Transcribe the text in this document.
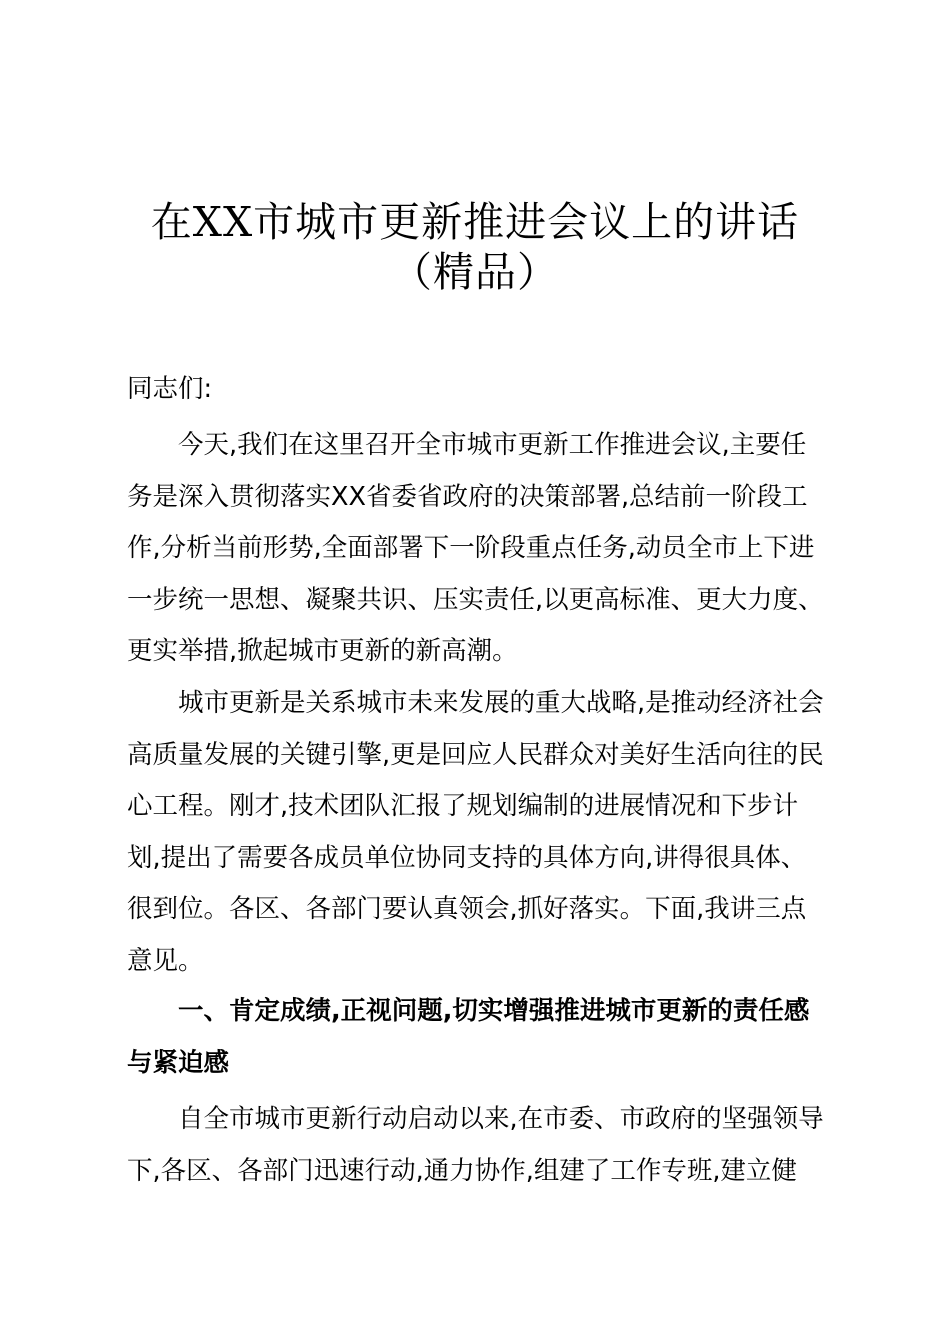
在XX市城市更新推进会议上的讲话
（精品）

同志们:

今天,我们在这里召开全市城市更新工作推进会议,主要任务是深入贯彻落实XX省委省政府的决策部署,总结前一阶段工作,分析当前形势,全面部署下一阶段重点任务,动员全市上下进一步统一思想、凝聚共识、压实责任,以更高标准、更大力度、更实举措,掀起城市更新的新高潮。

城市更新是关系城市未来发展的重大战略,是推动经济社会高质量发展的关键引擎,更是回应人民群众对美好生活向往的民心工程。刚才,技术团队汇报了规划编制的进展情况和下步计划,提出了需要各成员单位协同支持的具体方向,讲得很具体、很到位。各区、各部门要认真领会,抓好落实。下面,我讲三点意见。

一、肯定成绩,正视问题,切实增强推进城市更新的责任感与紧迫感

自全市城市更新行动启动以来,在市委、市政府的坚强领导下,各区、各部门迅速行动,通力协作,组建了工作专班,建立健
